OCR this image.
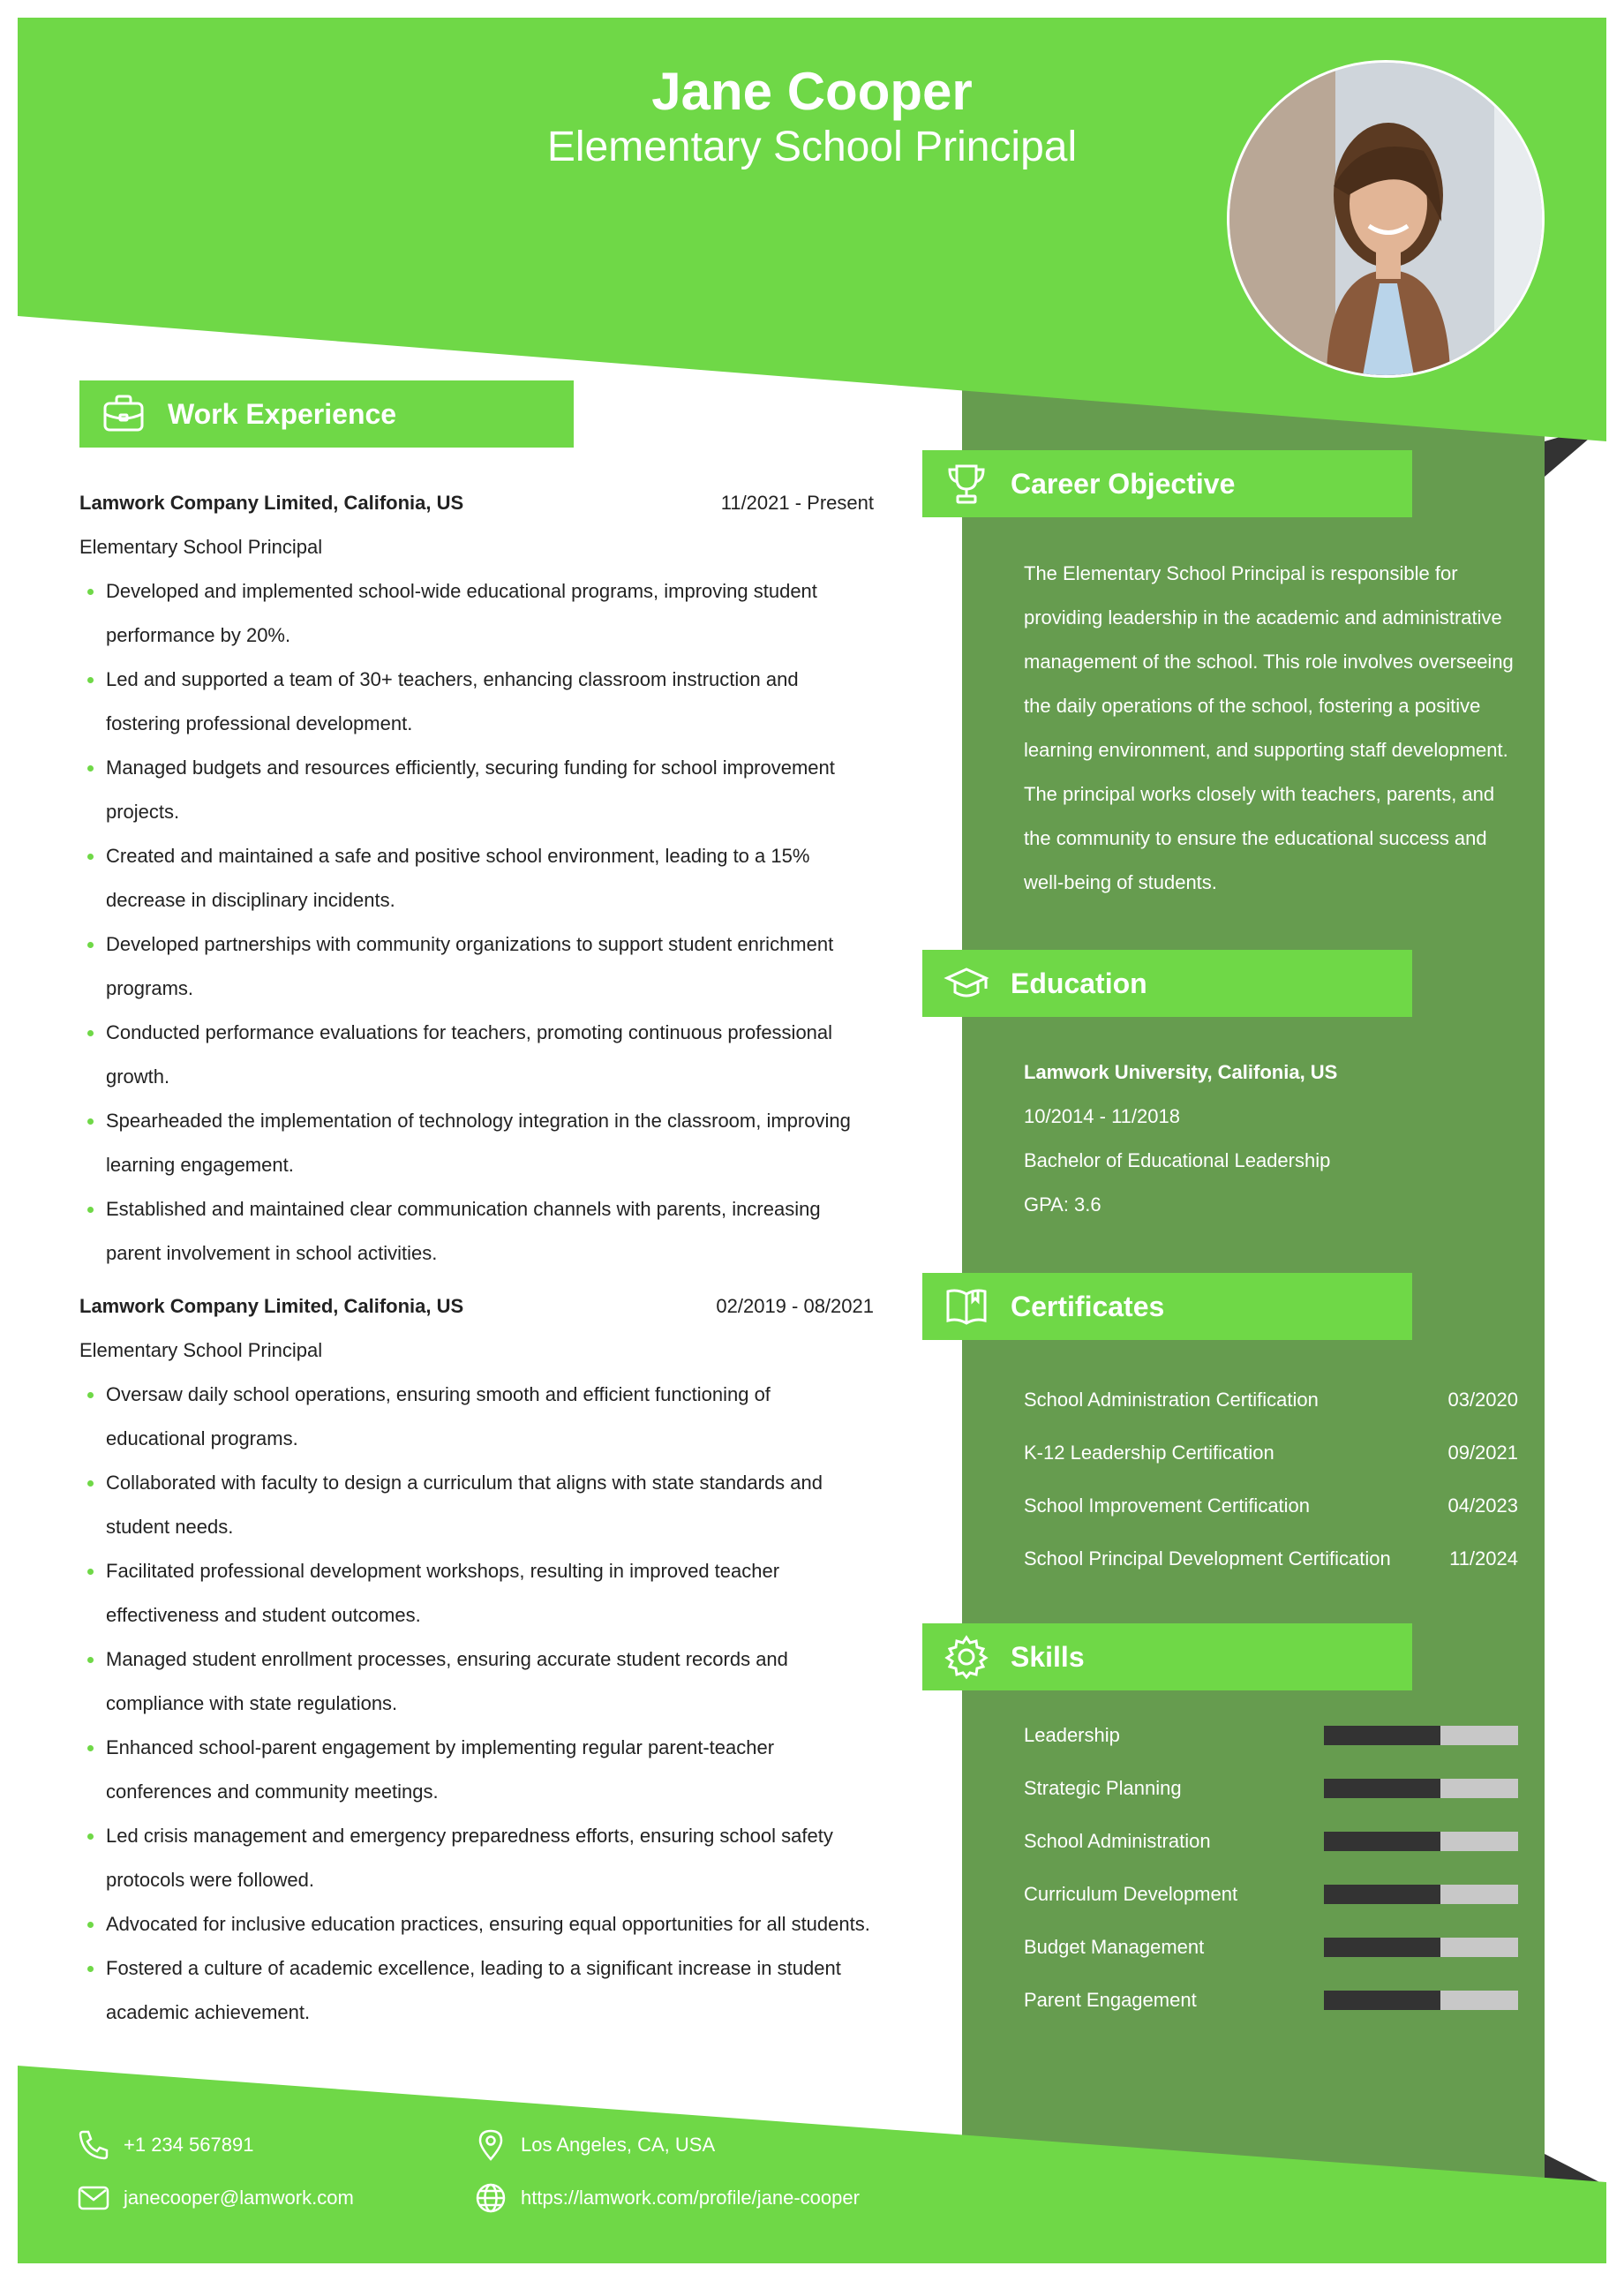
Jane Cooper
Elementary School Principal
Work Experience
Lamwork Company Limited, Califonia, US	11/2021 - Present
Elementary School Principal
Developed and implemented school-wide educational programs, improving student performance by 20%.
Led and supported a team of 30+ teachers, enhancing classroom instruction and fostering professional development.
Managed budgets and resources efficiently, securing funding for school improvement projects.
Created and maintained a safe and positive school environment, leading to a 15% decrease in disciplinary incidents.
Developed partnerships with community organizations to support student enrichment programs.
Conducted performance evaluations for teachers, promoting continuous professional growth.
Spearheaded the implementation of technology integration in the classroom, improving learning engagement.
Established and maintained clear communication channels with parents, increasing parent involvement in school activities.
Lamwork Company Limited, Califonia, US	02/2019 - 08/2021
Elementary School Principal
Oversaw daily school operations, ensuring smooth and efficient functioning of educational programs.
Collaborated with faculty to design a curriculum that aligns with state standards and student needs.
Facilitated professional development workshops, resulting in improved teacher effectiveness and student outcomes.
Managed student enrollment processes, ensuring accurate student records and compliance with state regulations.
Enhanced school-parent engagement by implementing regular parent-teacher conferences and community meetings.
Led crisis management and emergency preparedness efforts, ensuring school safety protocols were followed.
Advocated for inclusive education practices, ensuring equal opportunities for all students.
Fostered a culture of academic excellence, leading to a significant increase in student academic achievement.
Career Objective
The Elementary School Principal is responsible for providing leadership in the academic and administrative management of the school. This role involves overseeing the daily operations of the school, fostering a positive learning environment, and supporting staff development. The principal works closely with teachers, parents, and the community to ensure the educational success and well-being of students.
Education
Lamwork University, Califonia, US
10/2014 - 11/2018
Bachelor of Educational Leadership
GPA: 3.6
Certificates
School Administration Certification	03/2020
K-12 Leadership Certification	09/2021
School Improvement Certification	04/2023
School Principal Development Certification	11/2024
Skills
Leadership
Strategic Planning
School Administration
Curriculum Development
Budget Management
Parent Engagement
+1 234 567891	Los Angeles, CA, USA
janecooper@lamwork.com	https://lamwork.com/profile/jane-cooper
